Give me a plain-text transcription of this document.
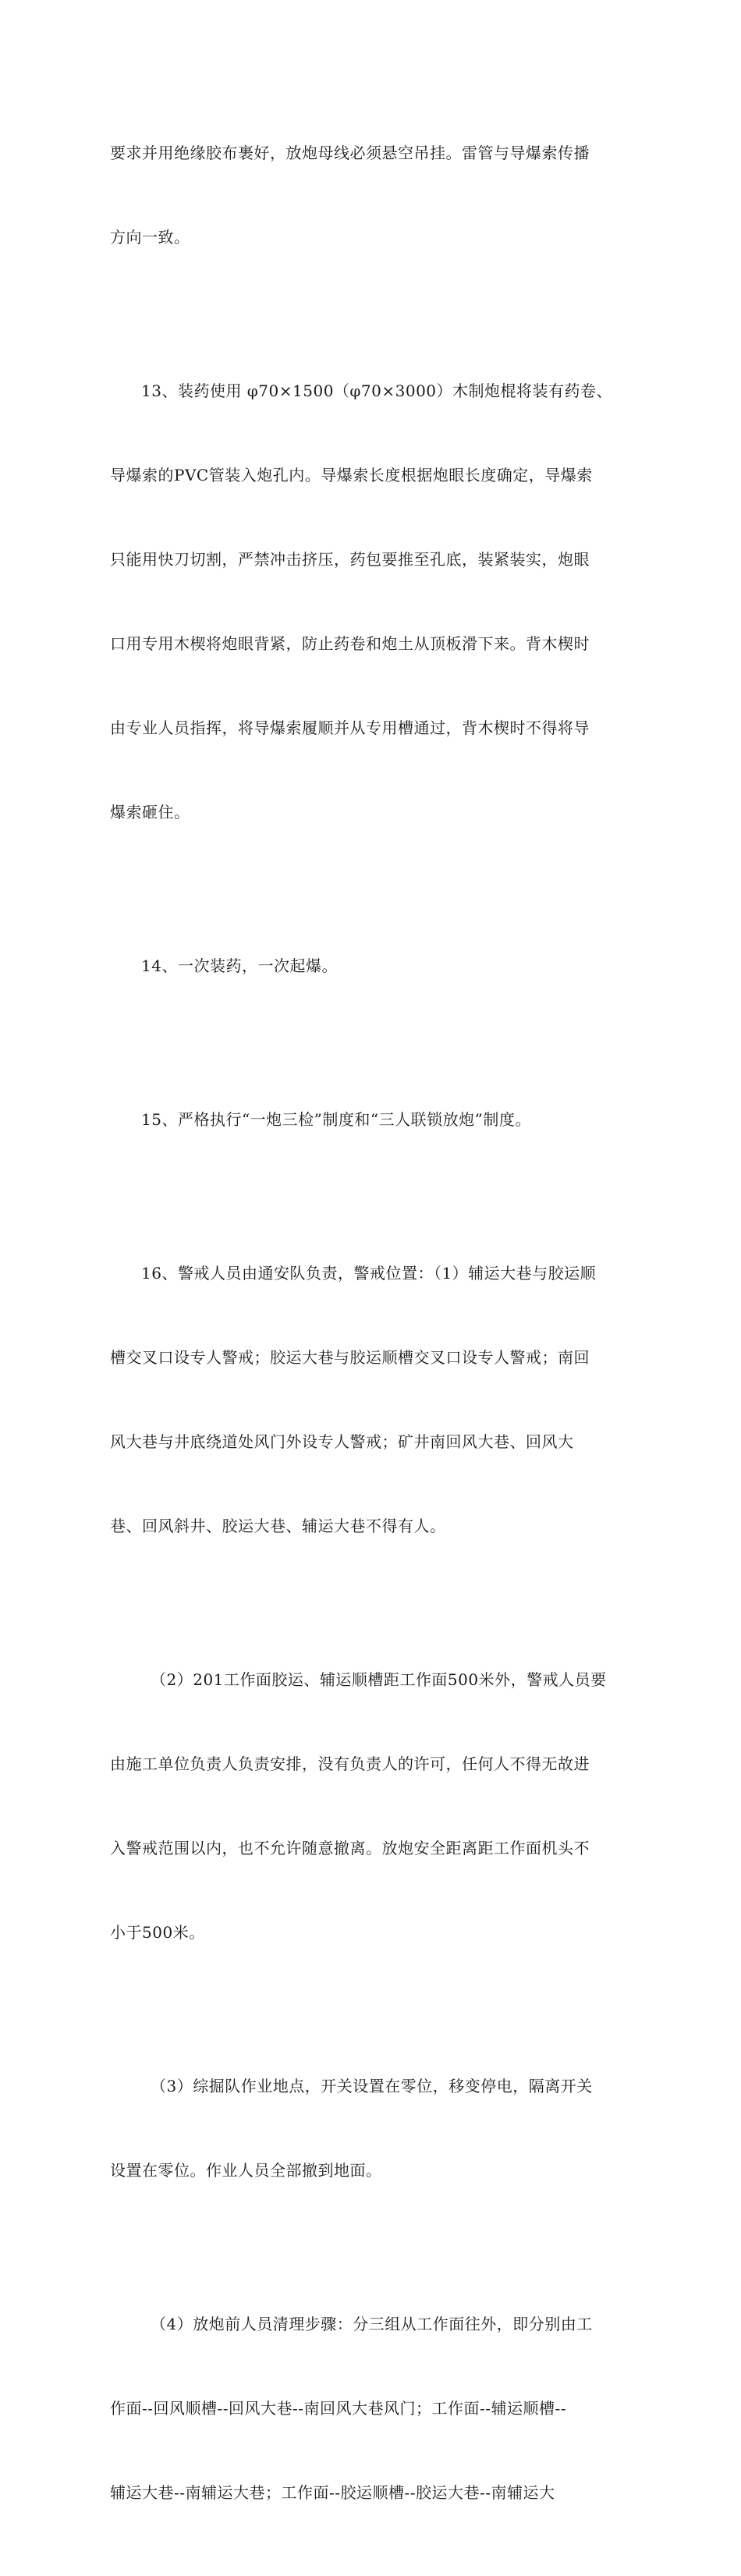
要求并用绝缘胶布裹好，放炮母线必须悬空吊挂。雷管与导爆索传播

方向一致。

13、装药使用 φ70×1500（φ70×3000）木制炮棍将装有药卷、

导爆索的PVC管装入炮孔内。导爆索长度根据炮眼长度确定，导爆索

只能用快刀切割，严禁冲击挤压，药包要推至孔底，装紧装实，炮眼

口用专用木楔将炮眼背紧，防止药卷和炮土从顶板滑下来。背木楔时

由专业人员指挥，将导爆索履顺并从专用槽通过，背木楔时不得将导

爆索砸住。

14、一次装药，一次起爆。

15、严格执行“一炮三检”制度和“三人联锁放炮”制度。

16、警戒人员由通安队负责，警戒位置：（1）辅运大巷与胶运顺

槽交叉口设专人警戒；胶运大巷与胶运顺槽交叉口设专人警戒；南回

风大巷与井底绕道处风门外设专人警戒；矿井南回风大巷、回风大

巷、回风斜井、胶运大巷、辅运大巷不得有人。

（2）201工作面胶运、辅运顺槽距工作面500米外，警戒人员要

由施工单位负责人负责安排，没有负责人的许可，任何人不得无故进

入警戒范围以内，也不允许随意撤离。放炮安全距离距工作面机头不

小于500米。

（3）综掘队作业地点，开关设置在零位，移变停电，隔离开关

设置在零位。作业人员全部撤到地面。

（4）放炮前人员清理步骤：分三组从工作面往外，即分别由工

作面--回风顺槽--回风大巷--南回风大巷风门；工作面--辅运顺槽--

辅运大巷--南辅运大巷；工作面--胶运顺槽--胶运大巷--南辅运大
